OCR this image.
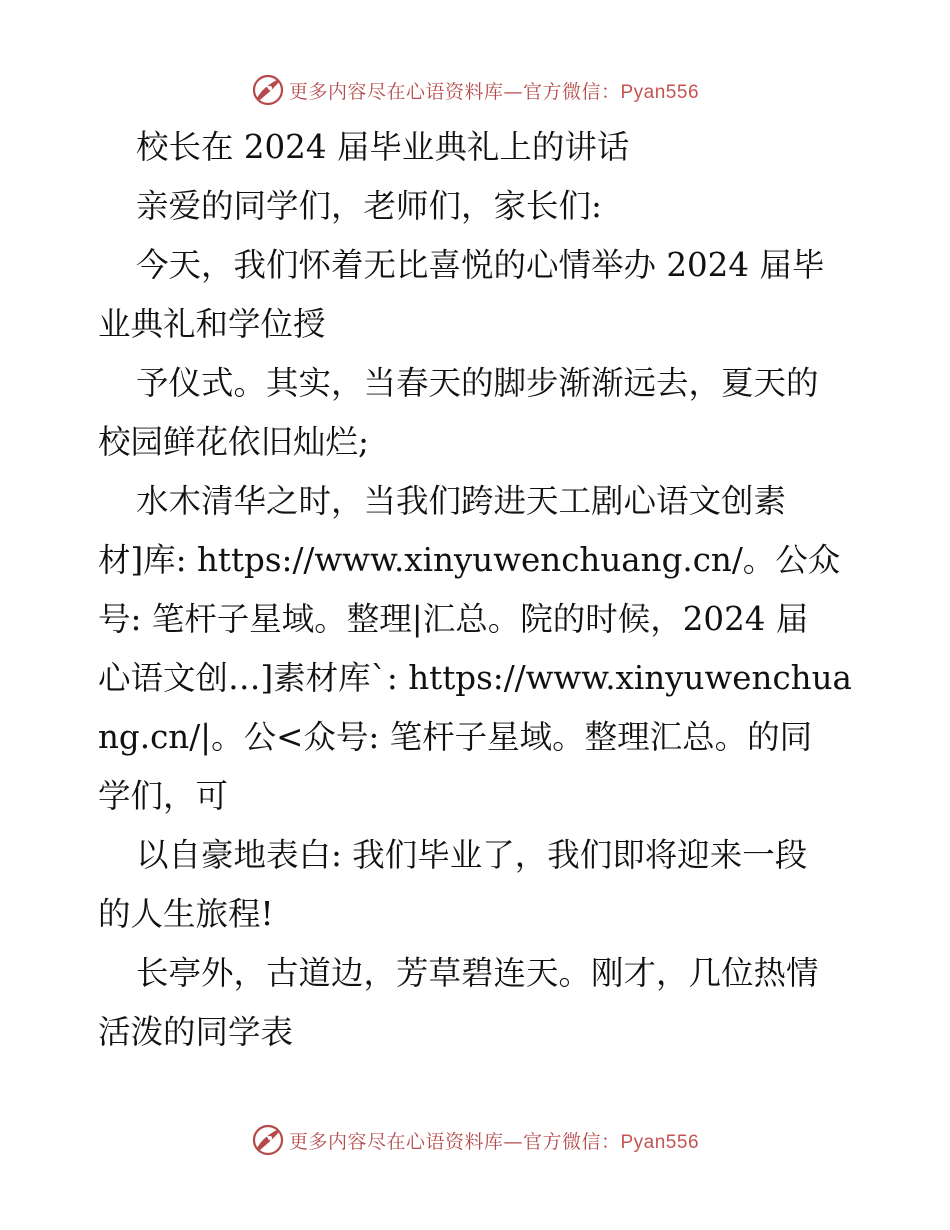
更多内容尽在心语资料库—官方微信：Pyan556
校长在 2024 届毕业典礼上的讲话
亲爱的同学们，老师们，家长们:
今天，我们怀着无比喜悦的心情举办 2024 届毕
业典礼和学位授
予仪式。其实，当春天的脚步渐渐远去，夏天的
校园鲜花依旧灿烂;
水木清华之时，当我们跨进天工剧心语文创素
材]库: https://www.xinyuwenchuang.cn/。公众
号: 笔杆子星域。整理|汇总。院的时候，2024 届
心语文创…]素材库`: https://www.xinyuwenchua
ng.cn/|。公<众号: 笔杆子星域。整理汇总。的同
学们，可
以自豪地表白: 我们毕业了，我们即将迎来一段
的人生旅程!
长亭外，古道边，芳草碧连天。刚才，几位热情
活泼的同学表
更多内容尽在心语资料库—官方微信：Pyan556
